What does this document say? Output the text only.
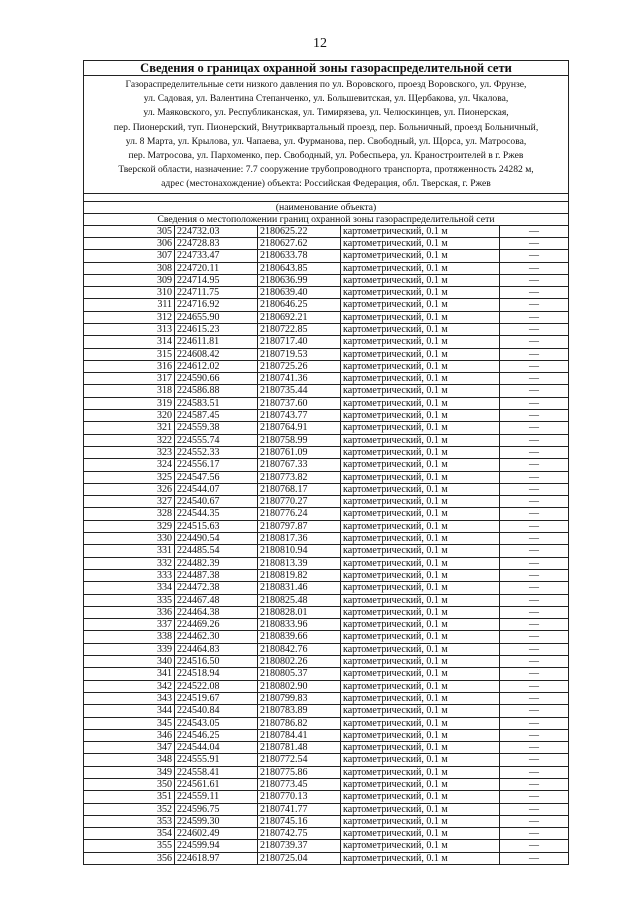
12
Сведения о границах охранной зоны газораспределительной сети
Газораспределительные сети низкого давления по ул. Воровского, проезд Воровского, ул. Фрунзе,
ул. Садовая, ул. Валентина Степанченко, ул. Большевитская, ул. Щербакова, ул. Чкалова,
ул. Маяковского, ул. Республиканская, ул. Тимирязева, ул. Челюскинцев, ул. Пионерская,
пер. Пионерский, туп. Пионерский, Внутриквартальный проезд, пер. Больничный, проезд Больничный,
ул. 8 Марта, ул. Крылова, ул. Чапаева, ул. Фурманова, пер. Свободный, ул. Щорса, ул. Матросова,
пер. Матросова, ул. Пархоменко, пер. Свободный, ул. Робеспьера, ул. Краностроителей в г. Ржев
Тверской области, назначение: 7.7 сооружение трубопроводного транспорта, протяженность 24282 м,
адрес (местонахождение) объекта: Российская Федерация, обл. Тверская, г. Ржев
(наименование объекта)
Сведения о местоположении границ охранной зоны газораспределительной сети
305	224732.03	2180625.22	картометрический, 0.1 м	—
306	224728.83	2180627.62	картометрический, 0.1 м	—
307	224733.47	2180633.78	картометрический, 0.1 м	—
308	224720.11	2180643.85	картометрический, 0.1 м	—
309	224714.95	2180636.99	картометрический, 0.1 м	—
310	224711.75	2180639.40	картометрический, 0.1 м	—
311	224716.92	2180646.25	картометрический, 0.1 м	—
312	224655.90	2180692.21	картометрический, 0.1 м	—
313	224615.23	2180722.85	картометрический, 0.1 м	—
314	224611.81	2180717.40	картометрический, 0.1 м	—
315	224608.42	2180719.53	картометрический, 0.1 м	—
316	224612.02	2180725.26	картометрический, 0.1 м	—
317	224590.66	2180741.36	картометрический, 0.1 м	—
318	224586.88	2180735.44	картометрический, 0.1 м	—
319	224583.51	2180737.60	картометрический, 0.1 м	—
320	224587.45	2180743.77	картометрический, 0.1 м	—
321	224559.38	2180764.91	картометрический, 0.1 м	—
322	224555.74	2180758.99	картометрический, 0.1 м	—
323	224552.33	2180761.09	картометрический, 0.1 м	—
324	224556.17	2180767.33	картометрический, 0.1 м	—
325	224547.56	2180773.82	картометрический, 0.1 м	—
326	224544.07	2180768.17	картометрический, 0.1 м	—
327	224540.67	2180770.27	картометрический, 0.1 м	—
328	224544.35	2180776.24	картометрический, 0.1 м	—
329	224515.63	2180797.87	картометрический, 0.1 м	—
330	224490.54	2180817.36	картометрический, 0.1 м	—
331	224485.54	2180810.94	картометрический, 0.1 м	—
332	224482.39	2180813.39	картометрический, 0.1 м	—
333	224487.38	2180819.82	картометрический, 0.1 м	—
334	224472.38	2180831.46	картометрический, 0.1 м	—
335	224467.48	2180825.48	картометрический, 0.1 м	—
336	224464.38	2180828.01	картометрический, 0.1 м	—
337	224469.26	2180833.96	картометрический, 0.1 м	—
338	224462.30	2180839.66	картометрический, 0.1 м	—
339	224464.83	2180842.76	картометрический, 0.1 м	—
340	224516.50	2180802.26	картометрический, 0.1 м	—
341	224518.94	2180805.37	картометрический, 0.1 м	—
342	224522.08	2180802.90	картометрический, 0.1 м	—
343	224519.67	2180799.83	картометрический, 0.1 м	—
344	224540.84	2180783.89	картометрический, 0.1 м	—
345	224543.05	2180786.82	картометрический, 0.1 м	—
346	224546.25	2180784.41	картометрический, 0.1 м	—
347	224544.04	2180781.48	картометрический, 0.1 м	—
348	224555.91	2180772.54	картометрический, 0.1 м	—
349	224558.41	2180775.86	картометрический, 0.1 м	—
350	224561.61	2180773.45	картометрический, 0.1 м	—
351	224559.11	2180770.13	картометрический, 0.1 м	—
352	224596.75	2180741.77	картометрический, 0.1 м	—
353	224599.30	2180745.16	картометрический, 0.1 м	—
354	224602.49	2180742.75	картометрический, 0.1 м	—
355	224599.94	2180739.37	картометрический, 0.1 м	—
356	224618.97	2180725.04	картометрический, 0.1 м	—
